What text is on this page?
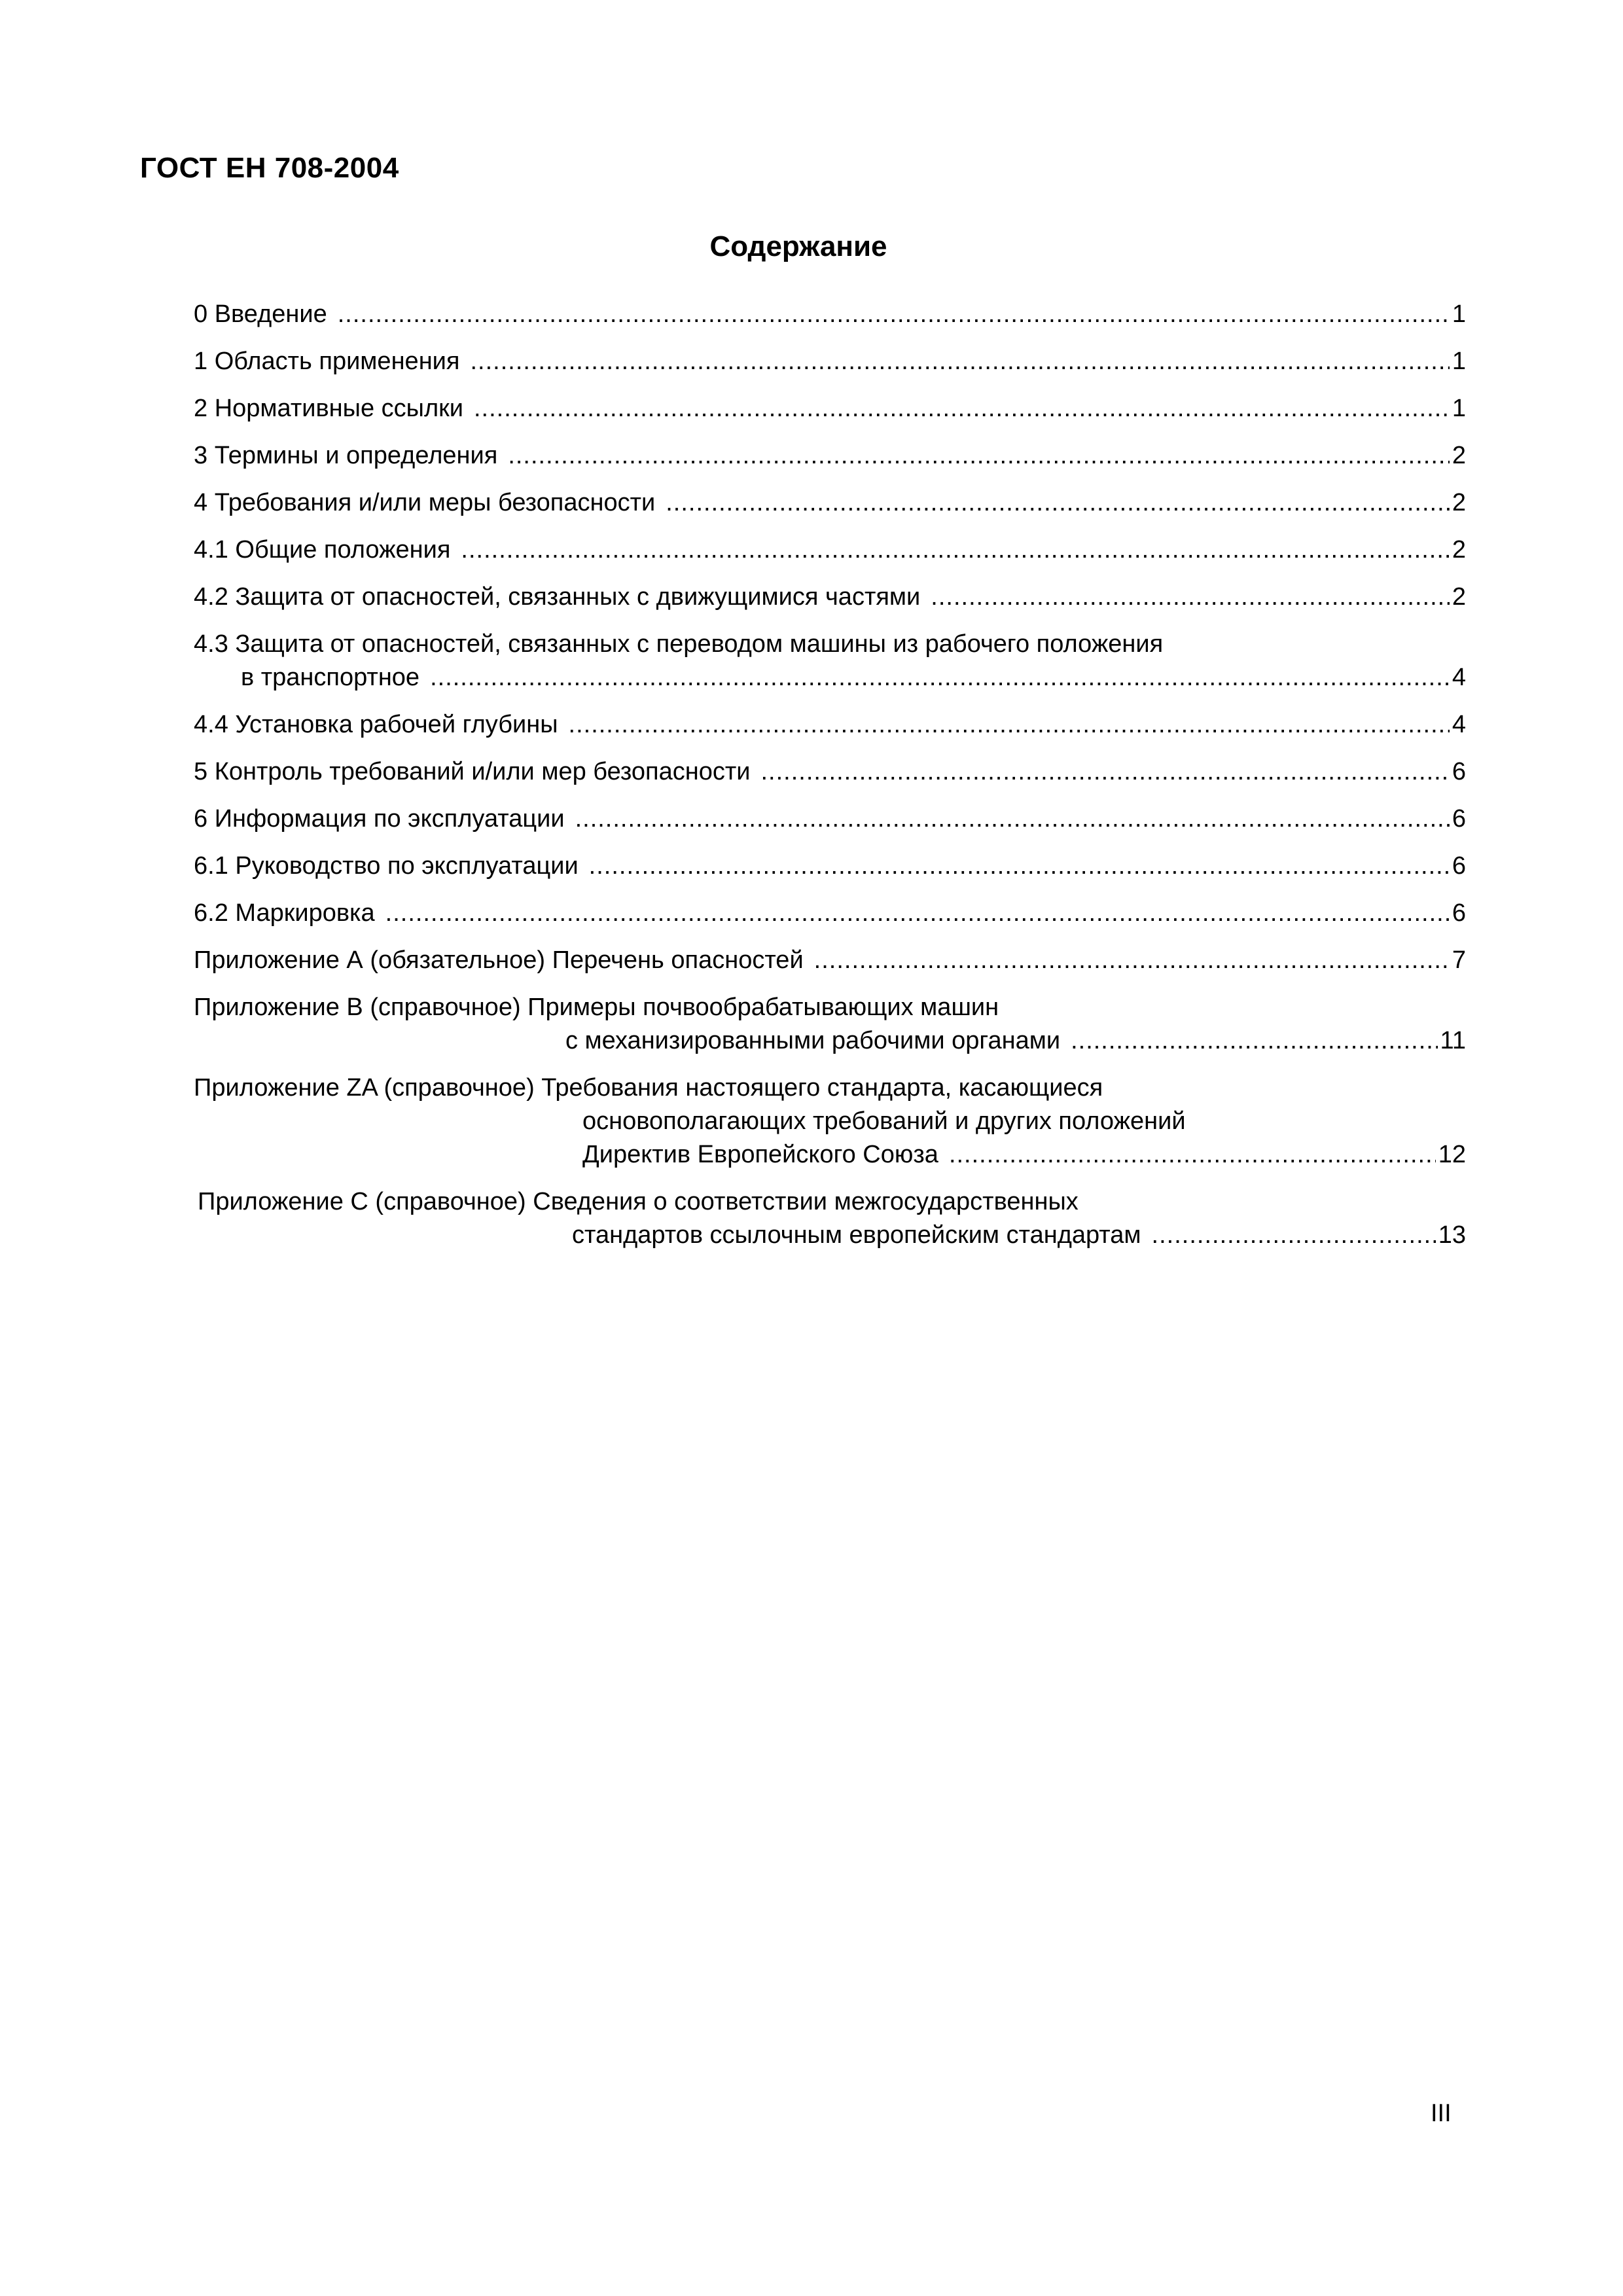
ГОСТ ЕН 708-2004
Содержание
0 Введение .....	1
1 Область применения .....	1
2 Нормативные ссылки .....	1
3 Термины и определения .....	2
4 Требования и/или меры безопасности .....	2
4.1 Общие положения .....	2
4.2 Защита от опасностей, связанных с движущимися частями .....	2
4.3 Защита от опасностей, связанных с переводом машины из рабочего положения
в транспортное .....	4
4.4 Установка рабочей глубины .....	4
5 Контроль требований и/или мер безопасности .....	6
6 Информация по эксплуатации .....	6
6.1 Руководство по эксплуатации .....	6
6.2 Маркировка .....	6
Приложение А (обязательное) Перечень опасностей .....	7
Приложение В (справочное) Примеры почвообрабатывающих машин
с механизированными рабочими органами .....	11
Приложение ZA (справочное) Требования настоящего стандарта, касающиеся
основополагающих требований и других положений
Директив Европейского Союза .....	12
Приложение С (справочное) Сведения о соответствии межгосударственных
стандартов ссылочным европейским стандартам .....	13
III
